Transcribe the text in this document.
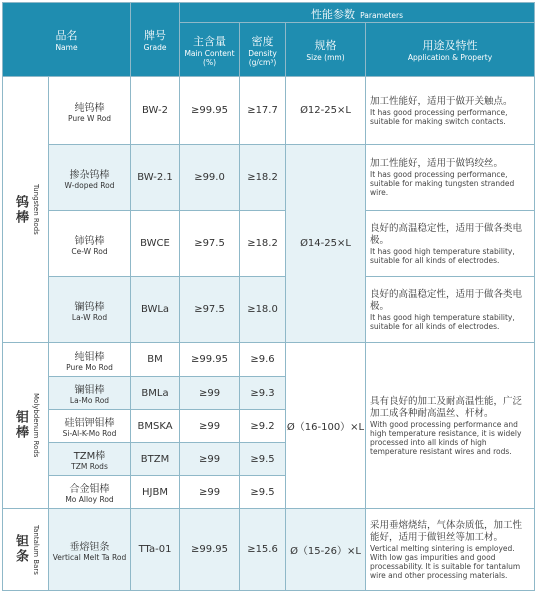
品名
Name		牌号
Grade	性能参数 Parameters			

			主含量
Main Content (%)	密度
Density (g/cm³)	规格
Size (mm)	用途及特性
Application & Property

钨棒 Tungsten Rods	纯钨棒
Pure W Rod	BW-2	≥99.95	≥17.7	Ø12-25×L	加工性能好，适用于做开关触点。
It has good processing performance, suitable for making switch contacts.

	掺杂钨棒
W-doped Rod	BW-2.1	≥99.0	≥18.2	Ø14-25×L	加工性能好，适用于做钨绞丝。
It has good processing performance, suitable for making tungsten stranded wire.

	铈钨棒
Ce-W Rod	BWCE	≥97.5	≥18.2		良好的高温稳定性，适用于做各类电极。
It has good high temperature stability, suitable for all kinds of electrodes.

	镧钨棒
La-W Rod	BWLa	≥97.5	≥18.0		良好的高温稳定性，适用于做各类电极。
It has good high temperature stability, suitable for all kinds of electrodes.

钼棒 Molybdenum Rods	纯钼棒
Pure Mo Rod	BM	≥99.95	≥9.6	Ø（16-100）×L	具有良好的加工及耐高温性能，广泛加工成各种耐高温丝、杆材。
With good processing performance and high temperature resistance, it is widely processed into all kinds of high temperature resistant wires and rods.

	镧钼棒
La-Mo Rod	BMLa	≥99	≥9.3		

	硅铝钾钼棒
Si-Al-K-Mo Rod	BMSKA	≥99	≥9.2		

	TZM棒
TZM Rods	BTZM	≥99	≥9.5		

	合金钼棒
Mo Alloy Rod	HJBM	≥99	≥9.5		

钽条 Tantalum Bars	垂熔钽条
Vertical Melt Ta Rod	TTa-01	≥99.95	≥15.6	Ø（15-26）×L	采用垂熔烧结，气体杂质低，加工性能好，适用于做钽丝等加工材。
Vertical melting sintering is employed. With low gas impurities and good processability. It is suitable for tantalum wire and other processing materials.
